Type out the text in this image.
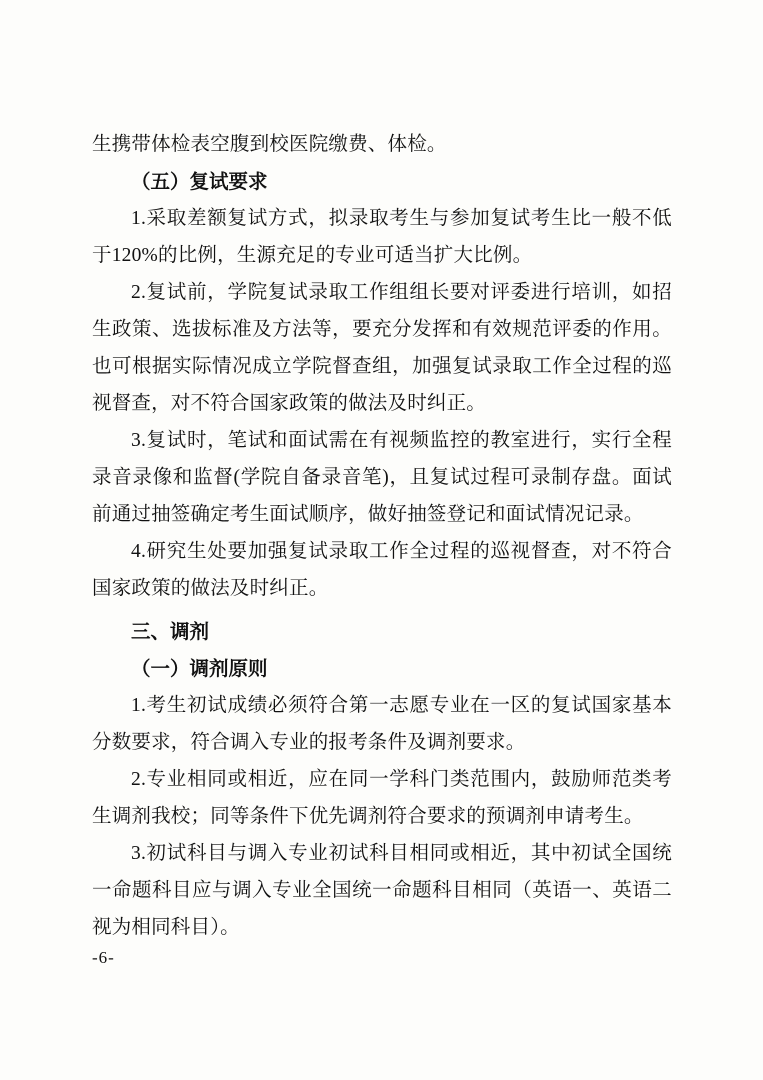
生携带体检表空腹到校医院缴费、体检。

（五）复试要求

1.采取差额复试方式，拟录取考生与参加复试考生比一般不低于120%的比例，生源充足的专业可适当扩大比例。

2.复试前，学院复试录取工作组组长要对评委进行培训，如招生政策、选拔标准及方法等，要充分发挥和有效规范评委的作用。也可根据实际情况成立学院督查组，加强复试录取工作全过程的巡视督查，对不符合国家政策的做法及时纠正。

3.复试时，笔试和面试需在有视频监控的教室进行，实行全程录音录像和监督(学院自备录音笔)，且复试过程可录制存盘。面试前通过抽签确定考生面试顺序，做好抽签登记和面试情况记录。

4.研究生处要加强复试录取工作全过程的巡视督查，对不符合国家政策的做法及时纠正。

三、调剂

（一）调剂原则

1.考生初试成绩必须符合第一志愿专业在一区的复试国家基本分数要求，符合调入专业的报考条件及调剂要求。

2.专业相同或相近，应在同一学科门类范围内，鼓励师范类考生调剂我校；同等条件下优先调剂符合要求的预调剂申请考生。

3.初试科目与调入专业初试科目相同或相近，其中初试全国统一命题科目应与调入专业全国统一命题科目相同（英语一、英语二视为相同科目）。

-6-
